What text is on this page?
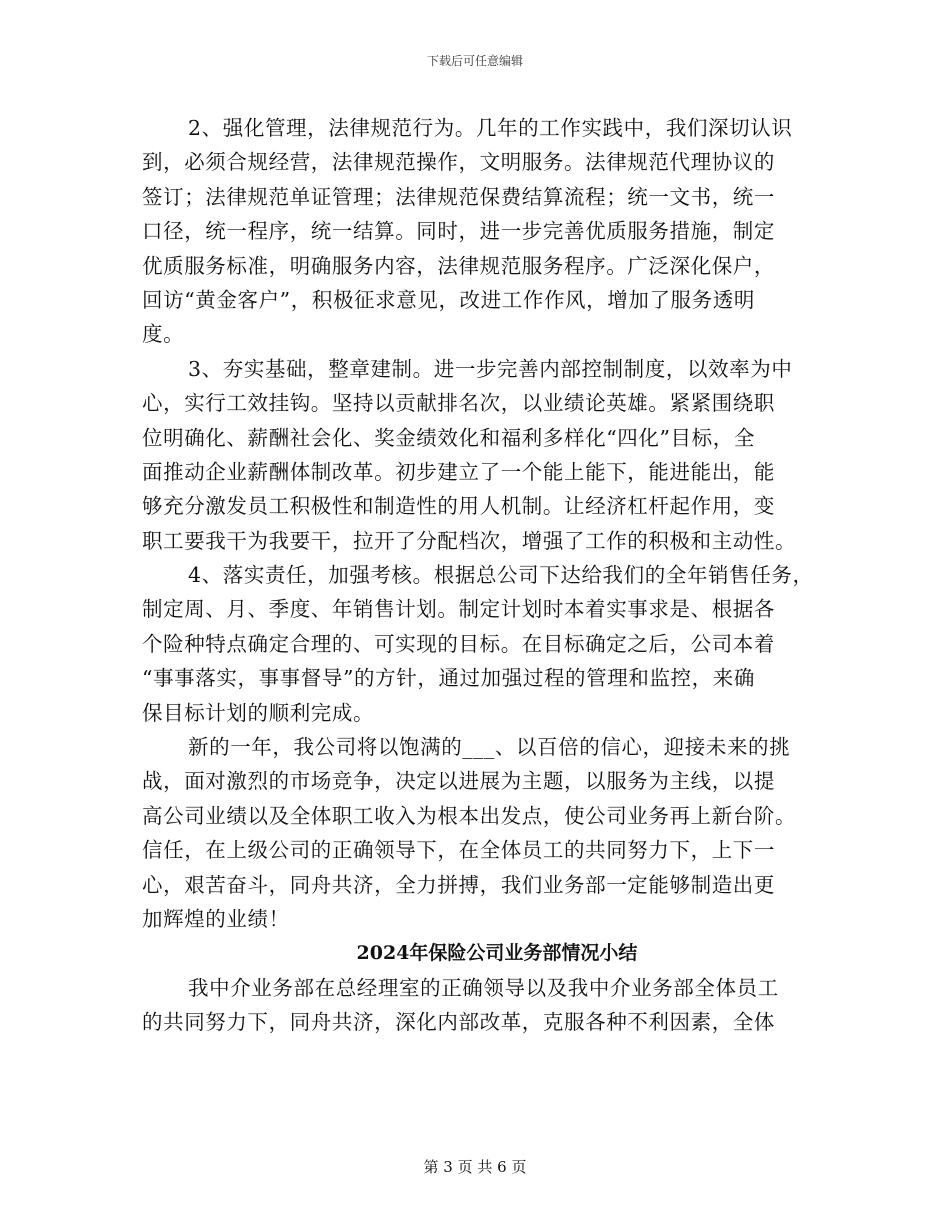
下载后可任意编辑
2、强化管理，法律规范行为。几年的工作实践中，我们深切认识
到，必须合规经营，法律规范操作，文明服务。法律规范代理协议的
签订；法律规范单证管理；法律规范保费结算流程；统一文书，统一
口径，统一程序，统一结算。同时，进一步完善优质服务措施，制定
优质服务标准，明确服务内容，法律规范服务程序。广泛深化保户，
回访“黄金客户”，积极征求意见，改进工作作风，增加了服务透明
度。
3、夯实基础，整章建制。进一步完善内部控制制度，以效率为中
心，实行工效挂钩。坚持以贡献排名次，以业绩论英雄。紧紧围绕职
位明确化、薪酬社会化、奖金绩效化和福利多样化“四化”目标，全
面推动企业薪酬体制改革。初步建立了一个能上能下，能进能出，能
够充分激发员工积极性和制造性的用人机制。让经济杠杆起作用，变
职工要我干为我要干，拉开了分配档次，增强了工作的积极和主动性。
4、落实责任，加强考核。根据总公司下达给我们的全年销售任务，
制定周、月、季度、年销售计划。制定计划时本着实事求是、根据各
个险种特点确定合理的、可实现的目标。在目标确定之后，公司本着
“事事落实，事事督导”的方针，通过加强过程的管理和监控，来确
保目标计划的顺利完成。
新的一年，我公司将以饱满的___、以百倍的信心，迎接未来的挑
战，面对激烈的市场竞争，决定以进展为主题，以服务为主线，以提
高公司业绩以及全体职工收入为根本出发点，使公司业务再上新台阶。
信任，在上级公司的正确领导下，在全体员工的共同努力下，上下一
心，艰苦奋斗，同舟共济，全力拼搏，我们业务部一定能够制造出更
加辉煌的业绩！
2024年保险公司业务部情况小结
我中介业务部在总经理室的正确领导以及我中介业务部全体员工
的共同努力下，同舟共济，深化内部改革，克服各种不利因素，全体
第 3 页 共 6 页
